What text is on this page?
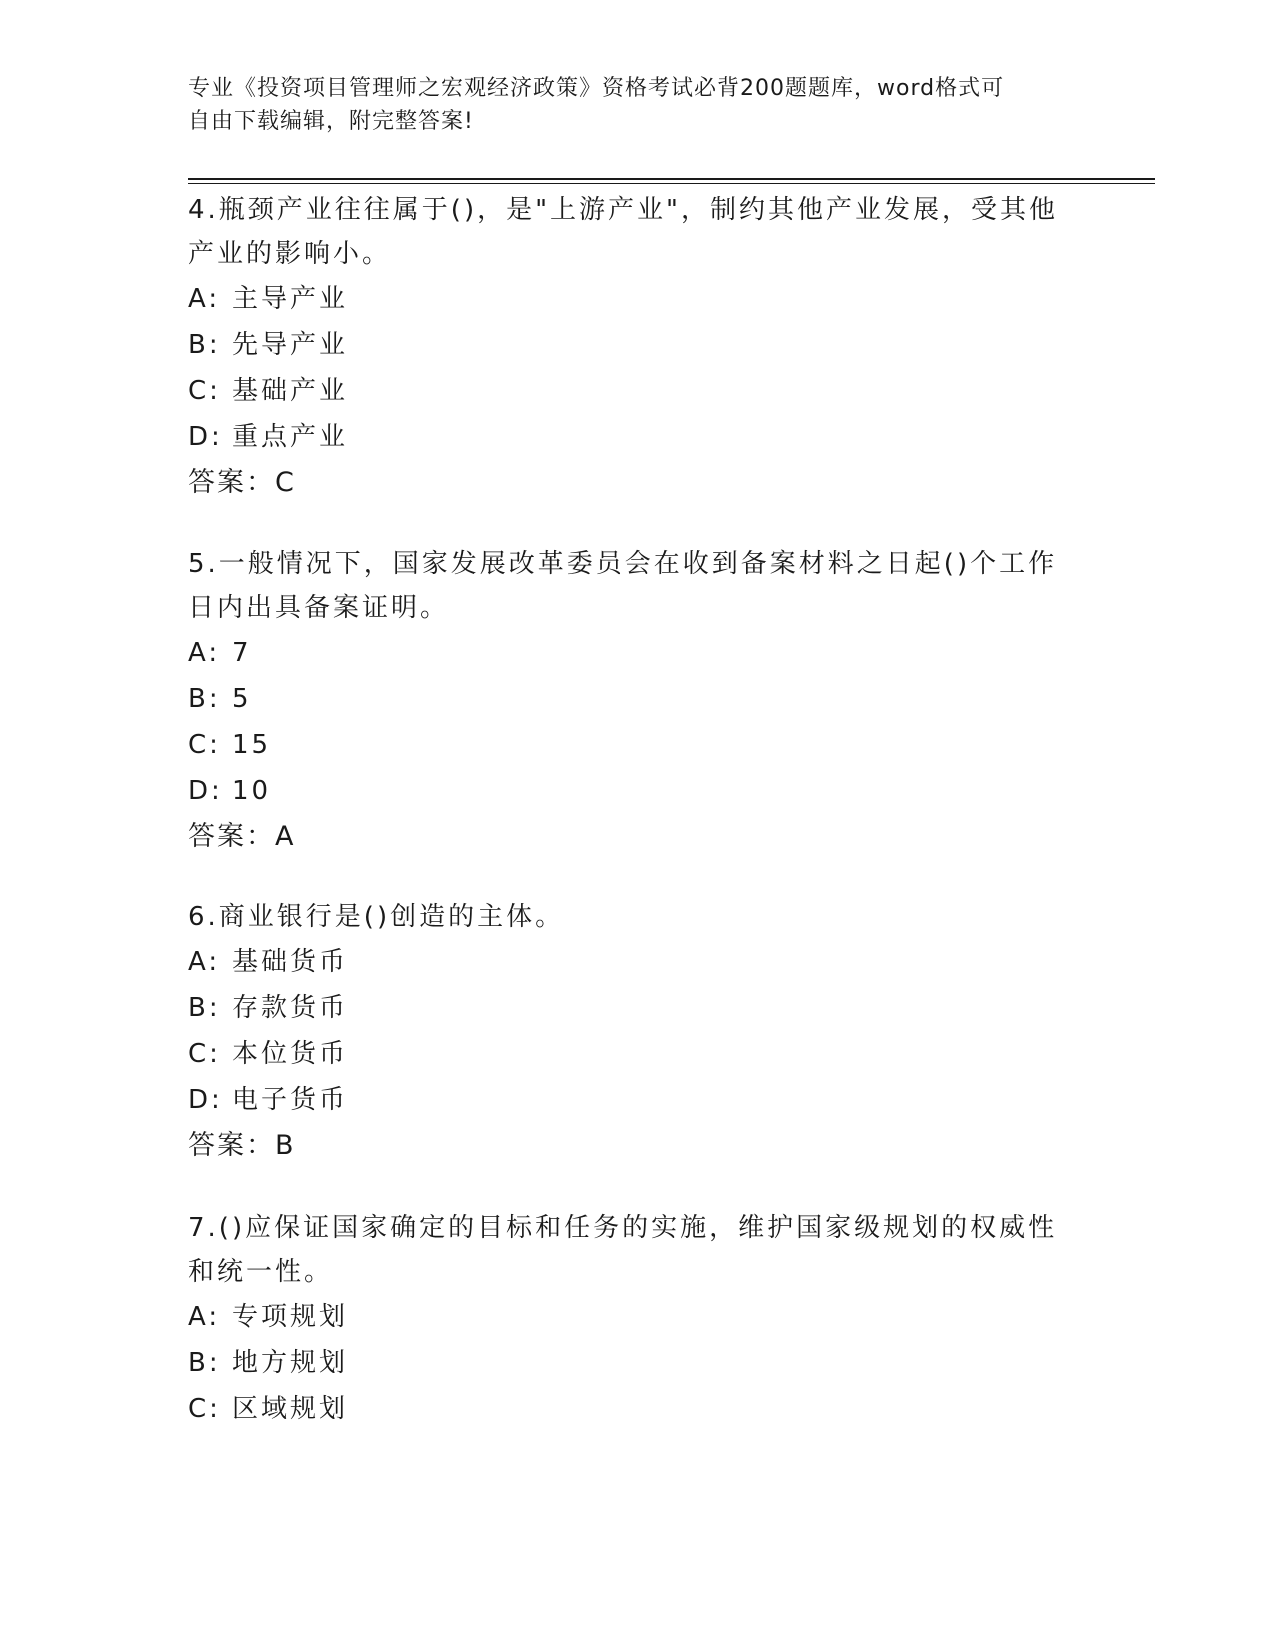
专业《投资项目管理师之宏观经济政策》资格考试必背200题题库，word格式可
自由下载编辑，附完整答案!
4.瓶颈产业往往属于()，是"上游产业"，制约其他产业发展，受其他
产业的影响小。
A: 主导产业
B: 先导产业
C: 基础产业
D: 重点产业
答案：C
5.一般情况下，国家发展改革委员会在收到备案材料之日起()个工作
日内出具备案证明。
A: 7
B: 5
C: 15
D: 10
答案：A
6.商业银行是()创造的主体。
A: 基础货币
B: 存款货币
C: 本位货币
D: 电子货币
答案：B
7.()应保证国家确定的目标和任务的实施，维护国家级规划的权威性
和统一性。
A: 专项规划
B: 地方规划
C: 区域规划
